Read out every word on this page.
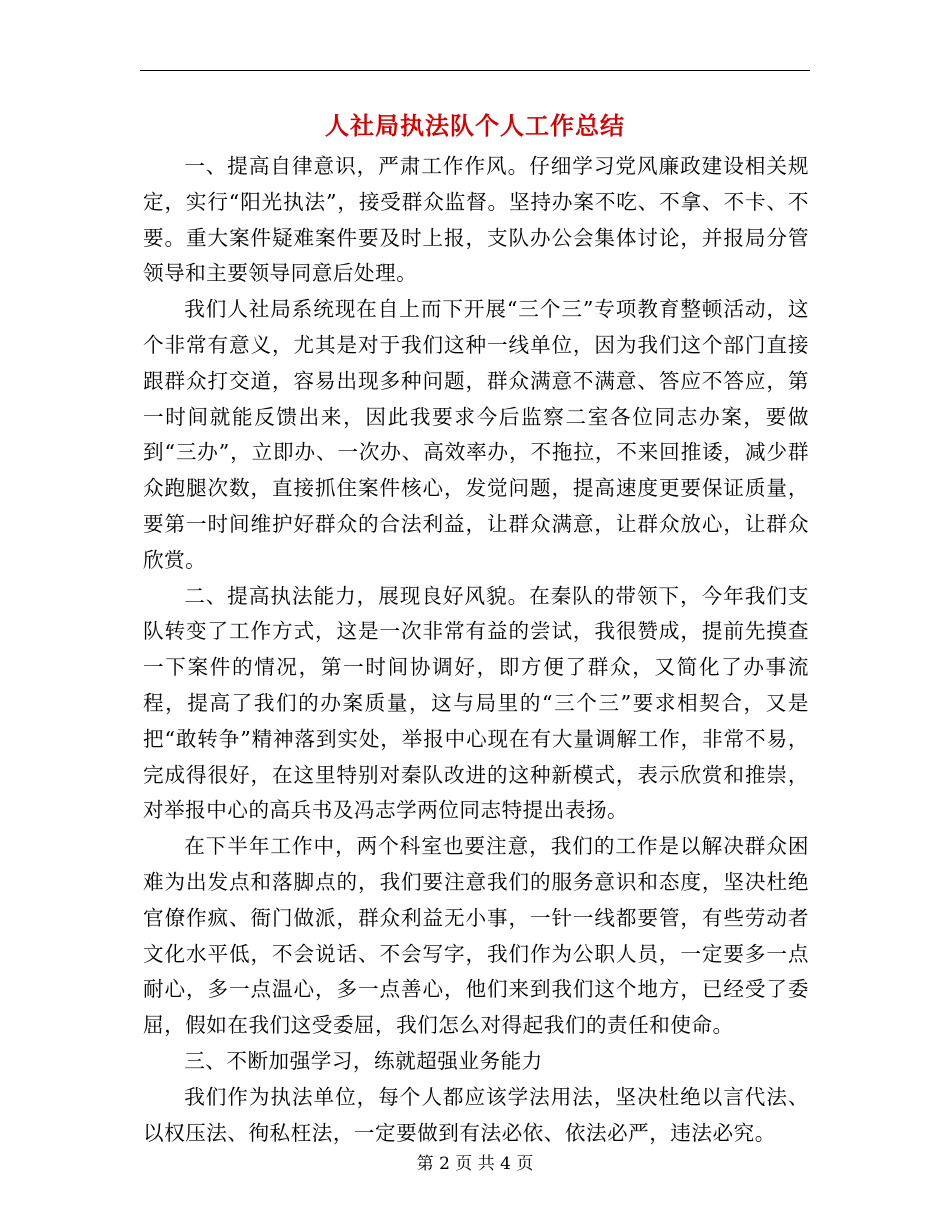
人社局执法队个人工作总结

一、提高自律意识，严肃工作作风。仔细学习党风廉政建设相关规定，实行“阳光执法”，接受群众监督。坚持办案不吃、不拿、不卡、不要。重大案件疑难案件要及时上报，支队办公会集体讨论，并报局分管领导和主要领导同意后处理。

我们人社局系统现在自上而下开展“三个三”专项教育整顿活动，这个非常有意义，尤其是对于我们这种一线单位，因为我们这个部门直接跟群众打交道，容易出现多种问题，群众满意不满意、答应不答应，第一时间就能反馈出来，因此我要求今后监察二室各位同志办案，要做到“三办”，立即办、一次办、高效率办，不拖拉，不来回推诿，减少群众跑腿次数，直接抓住案件核心，发觉问题，提高速度更要保证质量，要第一时间维护好群众的合法利益，让群众满意，让群众放心，让群众欣赏。

二、提高执法能力，展现良好风貌。在秦队的带领下，今年我们支队转变了工作方式，这是一次非常有益的尝试，我很赞成，提前先摸查一下案件的情况，第一时间协调好，即方便了群众，又简化了办事流程，提高了我们的办案质量，这与局里的“三个三”要求相契合，又是把“敢转争”精神落到实处，举报中心现在有大量调解工作，非常不易，完成得很好，在这里特别对秦队改进的这种新模式，表示欣赏和推崇，对举报中心的高兵书及冯志学两位同志特提出表扬。

在下半年工作中，两个科室也要注意，我们的工作是以解决群众困难为出发点和落脚点的，我们要注意我们的服务意识和态度，坚决杜绝官僚作疯、衙门做派，群众利益无小事，一针一线都要管，有些劳动者文化水平低，不会说话、不会写字，我们作为公职人员，一定要多一点耐心，多一点温心，多一点善心，他们来到我们这个地方，已经受了委屈，假如在我们这受委屈，我们怎么对得起我们的责任和使命。

三、不断加强学习，练就超强业务能力

我们作为执法单位，每个人都应该学法用法，坚决杜绝以言代法、以权压法、徇私枉法，一定要做到有法必依、依法必严，违法必究。

第 2 页 共 4 页
